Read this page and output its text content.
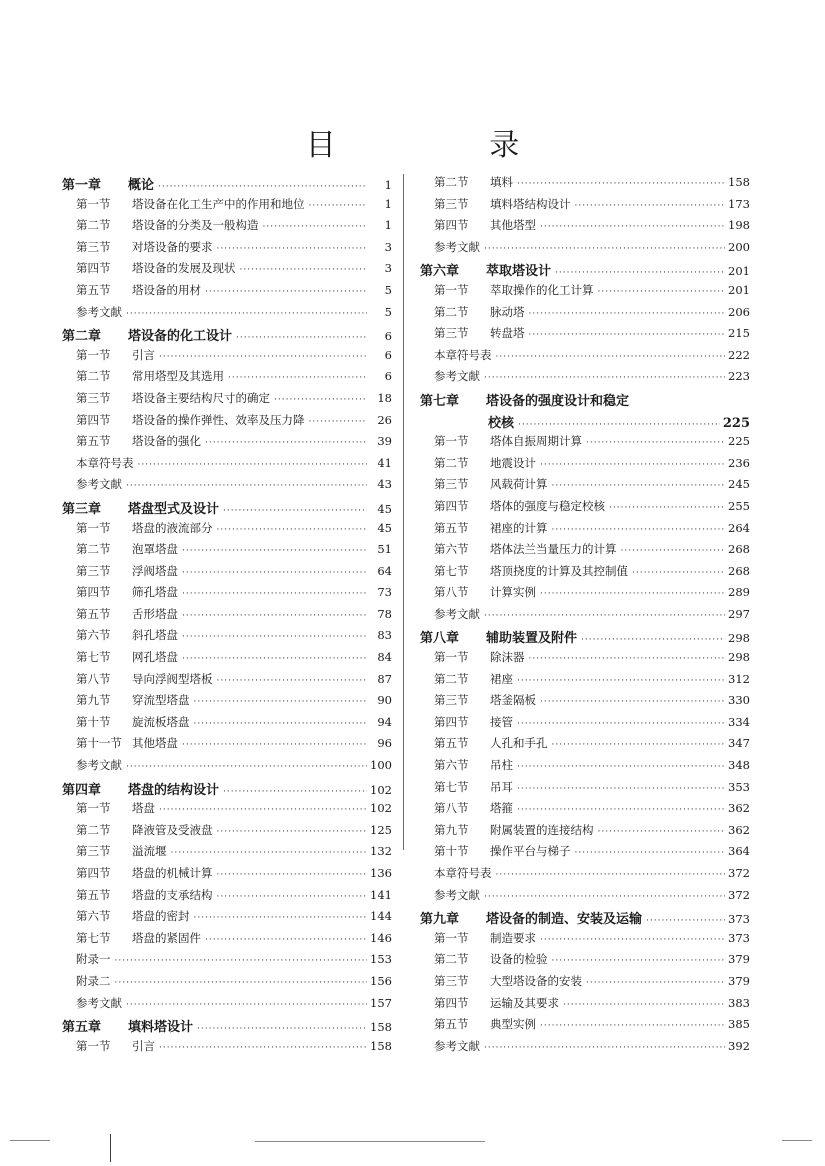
目 录
第一章	概论 ·····	1
第一节	塔设备在化工生产中的作用和地位 ·····	1
第二节	塔设备的分类及一般构造 ·····	1
第三节	对塔设备的要求 ·····	3
第四节	塔设备的发展及现状 ·····	3
第五节	塔设备的用材 ·····	5
参考文献 ·····	5
第二章	塔设备的化工设计 ·····	6
第一节	引言 ·····	6
第二节	常用塔型及其选用 ·····	6
第三节	塔设备主要结构尺寸的确定 ·····	18
第四节	塔设备的操作弹性、效率及压力降 ·····	26
第五节	塔设备的强化 ·····	39
本章符号表 ·····	41
参考文献 ·····	43
第三章	塔盘型式及设计 ·····	45
第一节	塔盘的液流部分 ·····	45
第二节	泡罩塔盘 ·····	51
第三节	浮阀塔盘 ·····	64
第四节	筛孔塔盘 ·····	73
第五节	舌形塔盘 ·····	78
第六节	斜孔塔盘 ·····	83
第七节	网孔塔盘 ·····	84
第八节	导向浮阀型塔板 ·····	87
第九节	穿流型塔盘 ·····	90
第十节	旋流板塔盘 ·····	94
第十一节 其他塔盘 ·····	96
参考文献 ·····	100
第四章	塔盘的结构设计 ·····	102
第一节	塔盘 ·····	102
第二节	降液管及受液盘 ·····	125
第三节	溢流堰 ·····	132
第四节	塔盘的机械计算 ·····	136
第五节	塔盘的支承结构 ·····	141
第六节	塔盘的密封 ·····	144
第七节	塔盘的紧固件 ·····	146
附录一 ·····	153
附录二 ·····	156
参考文献 ·····	157
第五章	填料塔设计 ·····	158
第一节	引言 ·····	158
第二节	填料 ·····	158
第三节	填料塔结构设计 ·····	173
第四节	其他塔型 ·····	198
参考文献 ·····	200
第六章	萃取塔设计 ·····	201
第一节	萃取操作的化工计算 ·····	201
第二节	脉动塔 ·····	206
第三节	转盘塔 ·····	215
本章符号表 ·····	222
参考文献 ·····	223
第七章	塔设备的强度设计和稳定
校核 ·····	225
第一节	塔体自振周期计算 ·····	225
第二节	地震设计 ·····	236
第三节	风载荷计算 ·····	245
第四节	塔体的强度与稳定校核 ·····	255
第五节	裙座的计算 ·····	264
第六节	塔体法兰当量压力的计算 ·····	268
第七节	塔顶挠度的计算及其控制值 ·····	268
第八节	计算实例 ·····	289
参考文献 ·····	297
第八章	辅助装置及附件 ·····	298
第一节	除沫器 ·····	298
第二节	裙座 ·····	312
第三节	塔釜隔板 ·····	330
第四节	接管 ·····	334
第五节	人孔和手孔 ·····	347
第六节	吊柱 ·····	348
第七节	吊耳 ·····	353
第八节	塔箍 ·····	362
第九节	附属装置的连接结构 ·····	362
第十节	操作平台与梯子 ·····	364
本章符号表 ·····	372
参考文献 ·····	372
第九章	塔设备的制造、安装及运输 ·····	373
第一节	制造要求 ·····	373
第二节	设备的检验 ·····	379
第三节	大型塔设备的安装 ·····	379
第四节	运输及其要求 ·····	383
第五节	典型实例 ·····	385
参考文献 ·····	392
